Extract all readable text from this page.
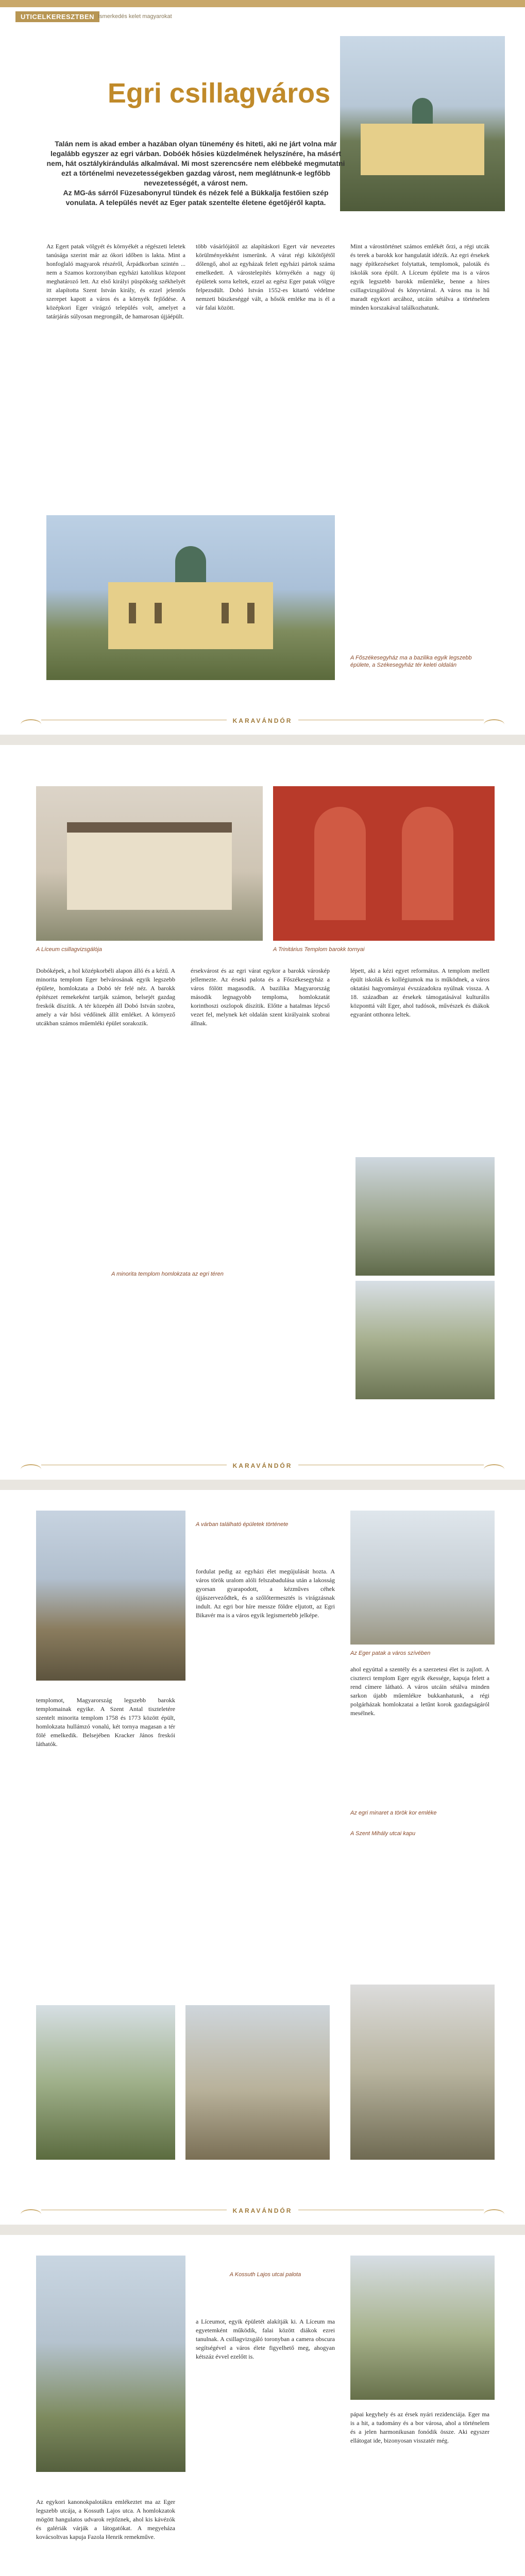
UTICELKERESZTBEN Ismerkedés kelet magyarokat
Egri csillagváros
Talán nem is akad ember a hazában olyan tünemény és hiteti, aki ne járt volna már legalább egyszer az egri várban. Dobóék hősies küzdelmének helyszínére, ha másért nem, hát osztálykirándulás alkalmával. Mi most szerencsére nem elébbeké megmutatni ezt a történelmi nevezetességekben gazdag várost, nem meglátnunk-e legfőbb nevezetességét, a várost nem.
Az MG-ás sárról Füzesabonyrul tündek és nézek felé a Bükkalja festőien szép vonulata. A település nevét az Eger patak szentelte életene égetőjéről kapta.
Az Egert patak völgyét és környékét a régészeti leletek tanúsága szerint már az ókori időben is lakta. Mint a honfoglaló magyarok részéről, Árpádkorban szintén ... nem a Szamos korzonyiban egyházi katolikus központ meghatározó lett. Az első királyi püspökség székhelyét itt alapította Szent István király, és ezzel jelentős szerepet kapott a város és a környék fejlődése. A középkori Eger virágzó település volt, amelyet a tatárjárás súlyosan megrongált, de hamarosan újjáépült.
több vásárlójától az alapításkori Egert vár nevezetes körülményekként ismerünk. A várat régi kikötőjétől dőlengő, ahol az egyházak felett egyházi pártok száma emelkedett. A várostelepítés környékén a nagy új épületek sorra keltek, ezzel az egész Eger patak völgye felpezsdült. Dobó István 1552-es kitartó védelme nemzeti büszkeséggé vált, a hősök emléke ma is él a vár falai között.
Mint a várostörténet számos emlékét őrzi, a régi utcák és terek a barokk kor hangulatát idézik. Az egri érsekek nagy építkezéseket folytattak, templomok, paloták és iskolák sora épült. A Líceum épülete ma is a város egyik legszebb barokk műemléke, benne a híres csillagvizsgálóval és könyvtárral. A város ma is hű maradt egykori arcához, utcáin sétálva a történelem minden korszakával találkozhatunk.
A Főszékesegyház ma a bazilika egyik legszebb épülete, a Székesegyház tér keleti oldalán
KARAVÁNDÓR
A Líceum csillagvizsgálója	A Trinitárius Templom barokk tornyai
Dobóképek, a hol középkorbéli alapon álló és a kézű. A minorita templom Eger belvárosának egyik legszebb épülete, homlokzata a Dobó tér felé néz. A barokk építészet remekeként tartják számon, belsejét gazdag freskók díszítik. A tér közepén áll Dobó István szobra, amely a vár hősi védőinek állít emléket. A környező utcákban számos műemléki épület sorakozik.
érsekvárost és az egri várat egykor a barokk városkép jellemezte. Az érseki palota és a Főszékesegyház a város fölött magasodik. A bazilika Magyarország második legnagyobb temploma, homlokzatát korinthoszi oszlopok díszítik. Előtte a hatalmas lépcső vezet fel, melynek két oldalán szent királyaink szobrai állnak.
lépett, aki a kézi egyet református. A templom mellett épült iskolák és kollégiumok ma is működnek, a város oktatási hagyományai évszázadokra nyúlnak vissza. A 18. században az érsekek támogatásával kulturális központtá vált Eger, ahol tudósok, művészek és diákok egyaránt otthonra leltek.
A minorita templom homlokzata az egri téren
KARAVÁNDÓR
A várban található épületek története
fordulat pedig az egyházi élet megújulását hozta. A város török uralom alóli felszabadulása után a lakosság gyorsan gyarapodott, a kézműves céhek újjászerveződtek, és a szőlőtermesztés is virágzásnak indult. Az egri bor híre messze földre eljutott, az Egri Bikavér ma is a város egyik legismertebb jelképe.
Az Eger patak a város szívében
ahol egyúttal a szentély és a szerzetesi élet is zajlott. A ciszterci templom Eger egyik ékessége, kapuja felett a rend címere látható. A város utcáin sétálva minden sarkon újabb műemlékre bukkanhatunk, a régi polgárházak homlokzatai a letűnt korok gazdagságáról mesélnek.
templomot, Magyarország legszebb barokk templomainak egyike. A Szent Antal tiszteletére szentelt minorita templom 1758 és 1773 között épült, homlokzata hullámzó vonalú, két tornya magasan a tér fölé emelkedik. Belsejében Kracker János freskói láthatók.
Az egri minaret a török kor emléke
A Szent Mihály utcai kapu
KARAVÁNDÓR
A Kossuth Lajos utcai palota
a Líceumot, egyik épületét alakítják ki. A Líceum ma egyetemként működik, falai között diákok ezrei tanulnak. A csillagvizsgáló toronyban a camera obscura segítségével a város élete figyelhető meg, ahogyan kétszáz évvel ezelőtt is.
pápai kegyhely és az érsek nyári rezidenciája. Eger ma is a hit, a tudomány és a bor városa, ahol a történelem és a jelen harmonikusan fonódik össze. Aki egyszer ellátogat ide, bizonyosan visszatér még.
Az egykori kanonokpalotákra emlékeztet ma az Eger legszebb utcája, a Kossuth Lajos utca. A homlokzatok mögött hangulatos udvarok rejtőznek, ahol kis kávézók és galériák várják a látogatókat. A megyeháza kovácsoltvas kapuja Fazola Henrik remekműve.
